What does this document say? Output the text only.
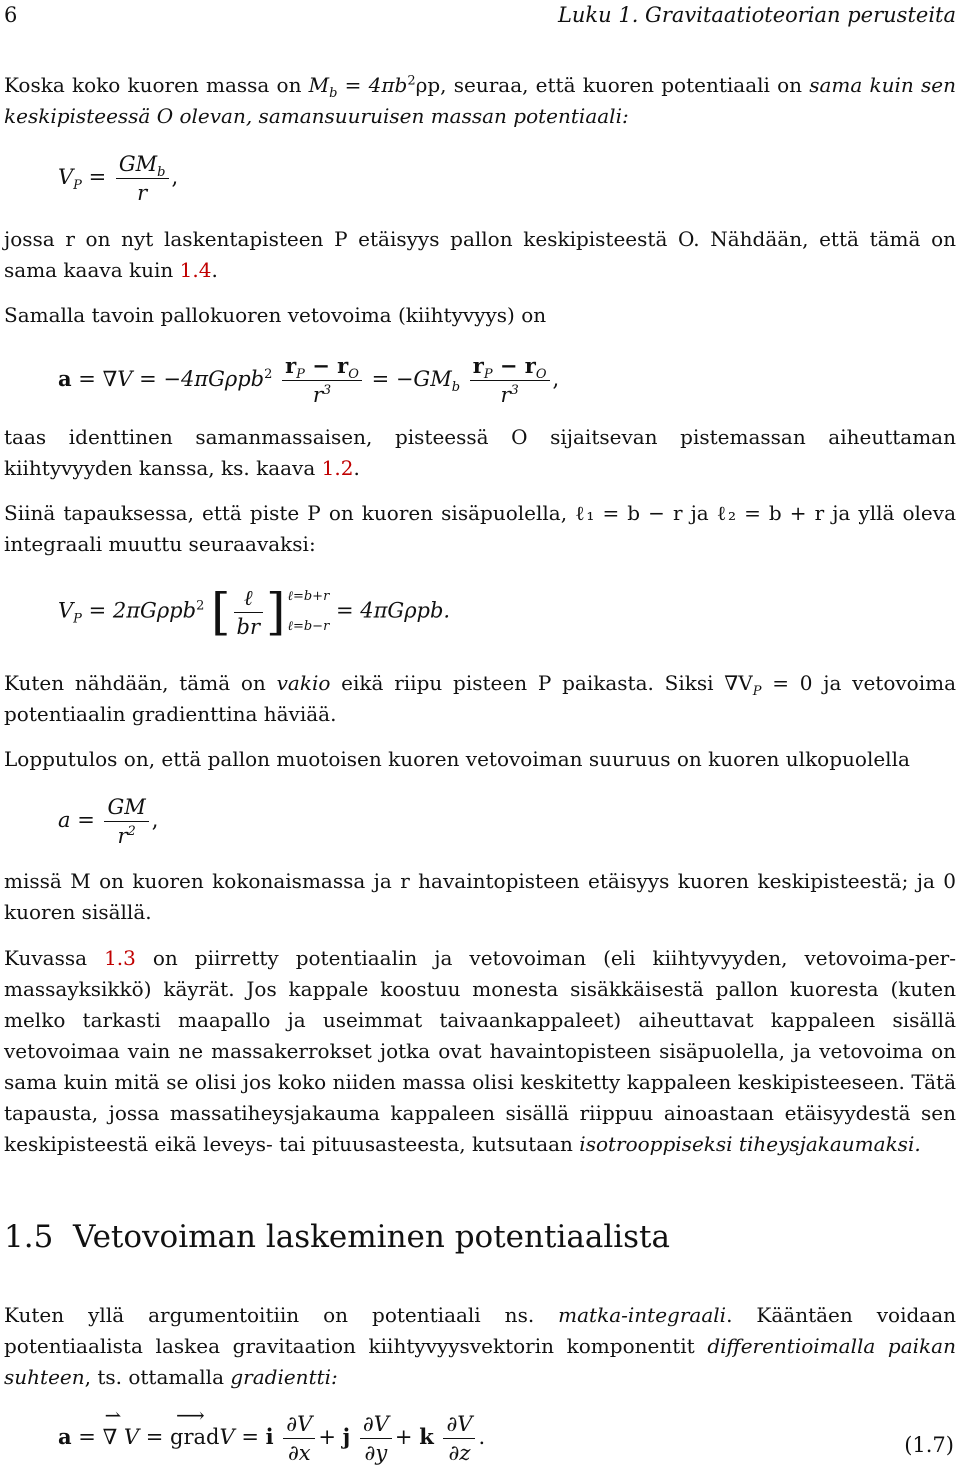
6	Luku 1. Gravitaatioteorian perusteita

Koska koko kuoren massa on $M_b = 4\pi b^2\rho p$, seuraa, että kuoren potentiaali on sama kuin sen keskipisteessä O olevan, samansuuruisen massan potentiaali:

$V_P = \frac{GM_b}{r}$ ,

jossa r on nyt laskentapisteen P etäisyys pallon keskipisteestä O. Nähdään, että tämä on sama kaava kuin 1.4.

Samalla tavoin pallokuoren vetovoima (kiihtyvyys) on

$a = \nabla V = -4\pi G\rho pb^2 \frac{r_P - r_O}{r^3} = -GM_b \frac{r_P - r_O}{r^3}$ ,

taas identtinen samanmassaisen, pisteessä O sijaitsevan pistemassan aiheuttaman kiihtyvyyden kanssa, ks. kaava 1.2.

Siinä tapauksessa, että piste P on kuoren sisäpuolella, ℓ₁ = b − r ja ℓ₂ = b + r ja yllä oleva integraali muuttu seuraavaksi:

$V_P = 2\pi G\rho pb^2$ [ $\frac{\text{ℓ}}{br}$ ] ℓ=b+r
ℓ=b−r
= 4πGρpb.

Kuten nähdään, tämä on vakio eikä riipu pisteen P paikasta. Siksi $\nabla V_P = 0$ ja vetovoima potentiaalin gradienttina häviää.

Lopputulos on, että pallon muotoisen kuoren vetovoiman suuruus on kuoren ulkopuolella

$a = \frac{GM}{r^2}$ ,

missä M on kuoren kokonaismassa ja r havaintopisteen etäisyys kuoren keskipisteestä; ja 0 kuoren sisällä.

Kuvassa 1.3 on piirretty potentiaalin ja vetovoiman (eli kiihtyvyyden, vetovoima-per-massayksikkö) käyrät. Jos kappale koostuu monesta sisäkkäisestä pallon kuoresta (kuten melko tarkasti maapallo ja useimmat taivaankappaleet) aiheuttavat kappaleen sisällä vetovoimaa vain ne massakerrokset jotka ovat havaintopisteen sisäpuolella, ja vetovoima on sama kuin mitä se olisi jos koko niiden massa olisi keskitetty kappaleen keskipisteeseen. Tätä tapausta, jossa massatiheysjakauma kappaleen sisällä riippuu ainoastaan etäisyydestä sen keskipisteestä eikä leveys- tai pituusasteesta, kutsutaan isotrooppiseksi tiheysjakaumaksi.

1.5 Vetovoiman laskeminen potentiaalista

Kuten yllä argumentoitiin on potentiaali ns. matka-integraali. Kääntäen voidaan potentiaalista laskea gravitaation kiihtyvyysvektorin komponentit differentioimalla paikan suhteen, ts. ottamalla gradientti:

a = ⇀ ∇ V = ⟶ gradV = i $\frac{\partial V}{\partial x} + j \frac{\partial V}{\partial y} + k \frac{\partial V}{\partial z}$ .	(1.7)
